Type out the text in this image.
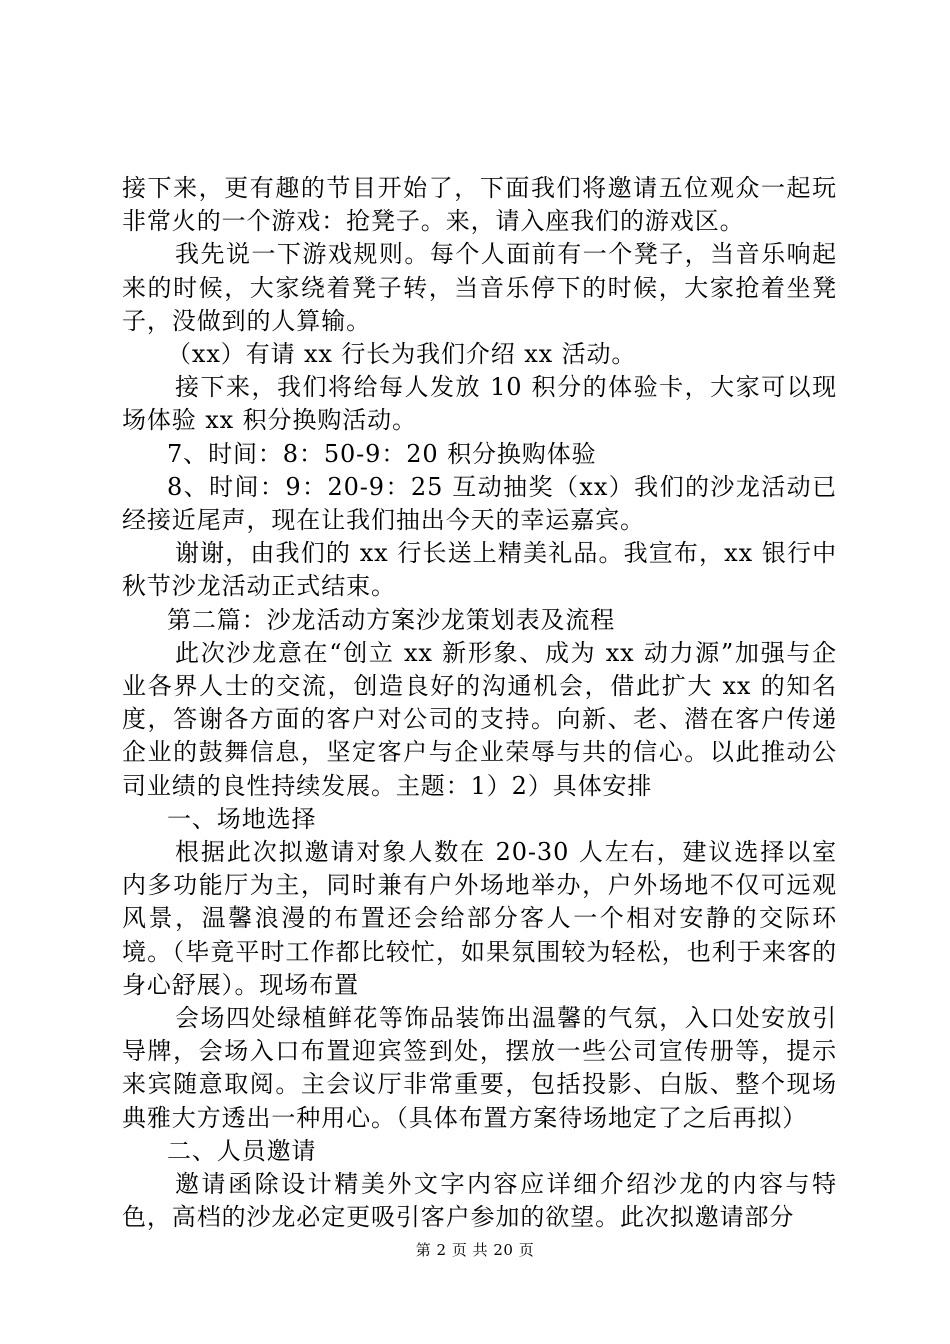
接下来，更有趣的节目开始了，下面我们将邀请五位观众一起玩非常火的一个游戏：抢凳子。来，请入座我们的游戏区。

我先说一下游戏规则。每个人面前有一个凳子，当音乐响起来的时候，大家绕着凳子转，当音乐停下的时候，大家抢着坐凳子，没做到的人算输。

（xx）有请 xx 行长为我们介绍 xx 活动。

接下来，我们将给每人发放 10 积分的体验卡，大家可以现场体验 xx 积分换购活动。

7、时间：8：50-9：20 积分换购体验

8、时间：9：20-9：25 互动抽奖（xx）我们的沙龙活动已经接近尾声，现在让我们抽出今天的幸运嘉宾。

谢谢，由我们的 xx 行长送上精美礼品。我宣布，xx 银行中秋节沙龙活动正式结束。

第二篇：沙龙活动方案沙龙策划表及流程

此次沙龙意在“创立 xx 新形象、成为 xx 动力源”加强与企业各界人士的交流，创造良好的沟通机会，借此扩大 xx 的知名度，答谢各方面的客户对公司的支持。向新、老、潜在客户传递企业的鼓舞信息，坚定客户与企业荣辱与共的信心。以此推动公司业绩的良性持续发展。主题：1）2）具体安排

一、场地选择

根据此次拟邀请对象人数在 20-30 人左右，建议选择以室内多功能厅为主，同时兼有户外场地举办，户外场地不仅可远观风景，温馨浪漫的布置还会给部分客人一个相对安静的交际环境。（毕竟平时工作都比较忙，如果氛围较为轻松，也利于来客的身心舒展）。现场布置

会场四处绿植鲜花等饰品装饰出温馨的气氛，入口处安放引导牌，会场入口布置迎宾签到处，摆放一些公司宣传册等，提示来宾随意取阅。主会议厅非常重要，包括投影、白版、整个现场典雅大方透出一种用心。（具体布置方案待场地定了之后再拟）

二、人员邀请

邀请函除设计精美外文字内容应详细介绍沙龙的内容与特色，高档的沙龙必定更吸引客户参加的欲望。此次拟邀请部分

第 2 页 共 20 页
